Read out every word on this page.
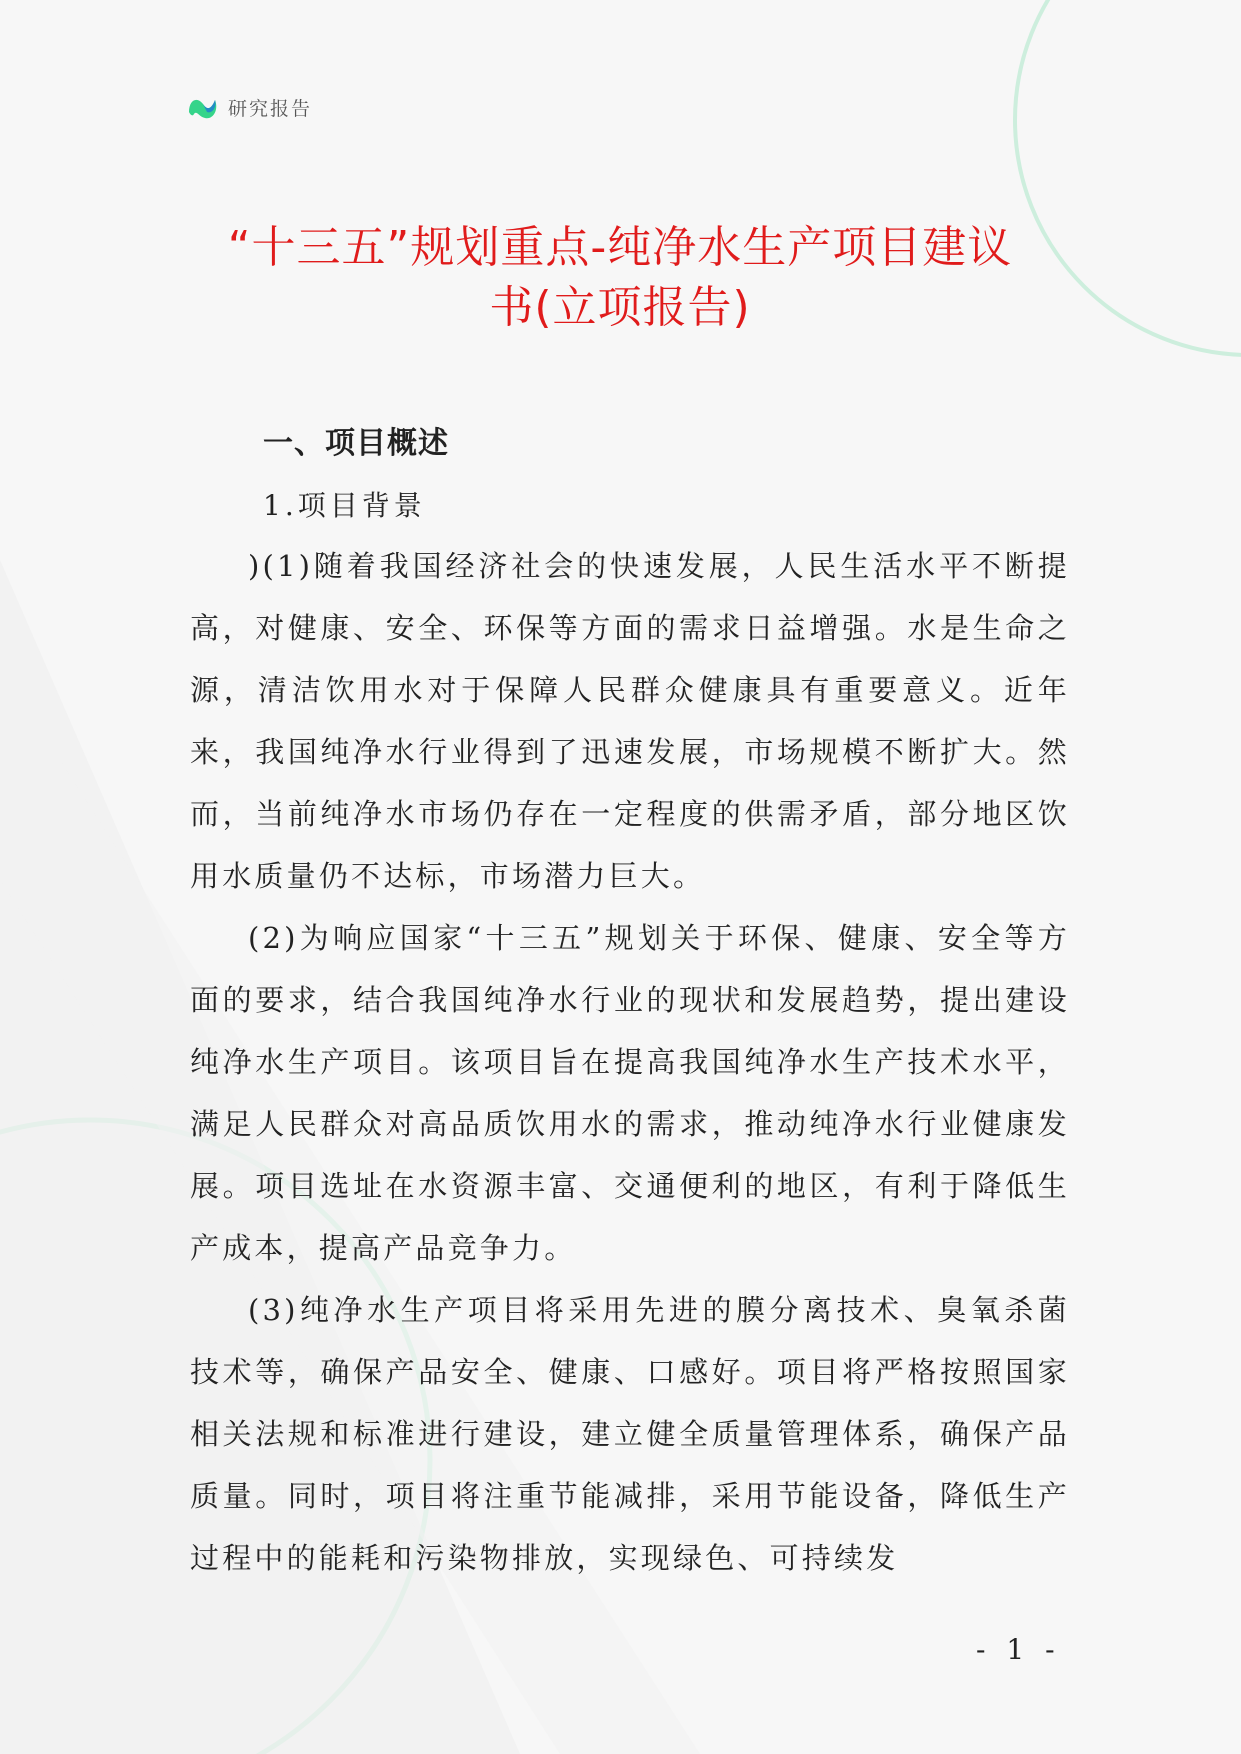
研究报告
“十三五”规划重点-纯净水生产项目建议
书(立项报告)
一、项目概述
1.项目背景

)(1)随着我国经济社会的快速发展，人民生活水平不断提高，对健康、安全、环保等方面的需求日益增强。水是生命之源，清洁饮用水对于保障人民群众健康具有重要意义。近年来，我国纯净水行业得到了迅速发展，市场规模不断扩大。然而，当前纯净水市场仍存在一定程度的供需矛盾，部分地区饮用水质量仍不达标，市场潜力巨大。

(2)为响应国家“十三五”规划关于环保、健康、安全等方面的要求，结合我国纯净水行业的现状和发展趋势，提出建设纯净水生产项目。该项目旨在提高我国纯净水生产技术水平，满足人民群众对高品质饮用水的需求，推动纯净水行业健康发展。项目选址在水资源丰富、交通便利的地区，有利于降低生产成本，提高产品竞争力。

(3)纯净水生产项目将采用先进的膜分离技术、臭氧杀菌技术等，确保产品安全、健康、口感好。项目将严格按照国家相关法规和标准进行建设，建立健全质量管理体系，确保产品质量。同时，项目将注重节能减排，采用节能设备，降低生产过程中的能耗和污染物排放，实现绿色、可持续发

- 1 -
